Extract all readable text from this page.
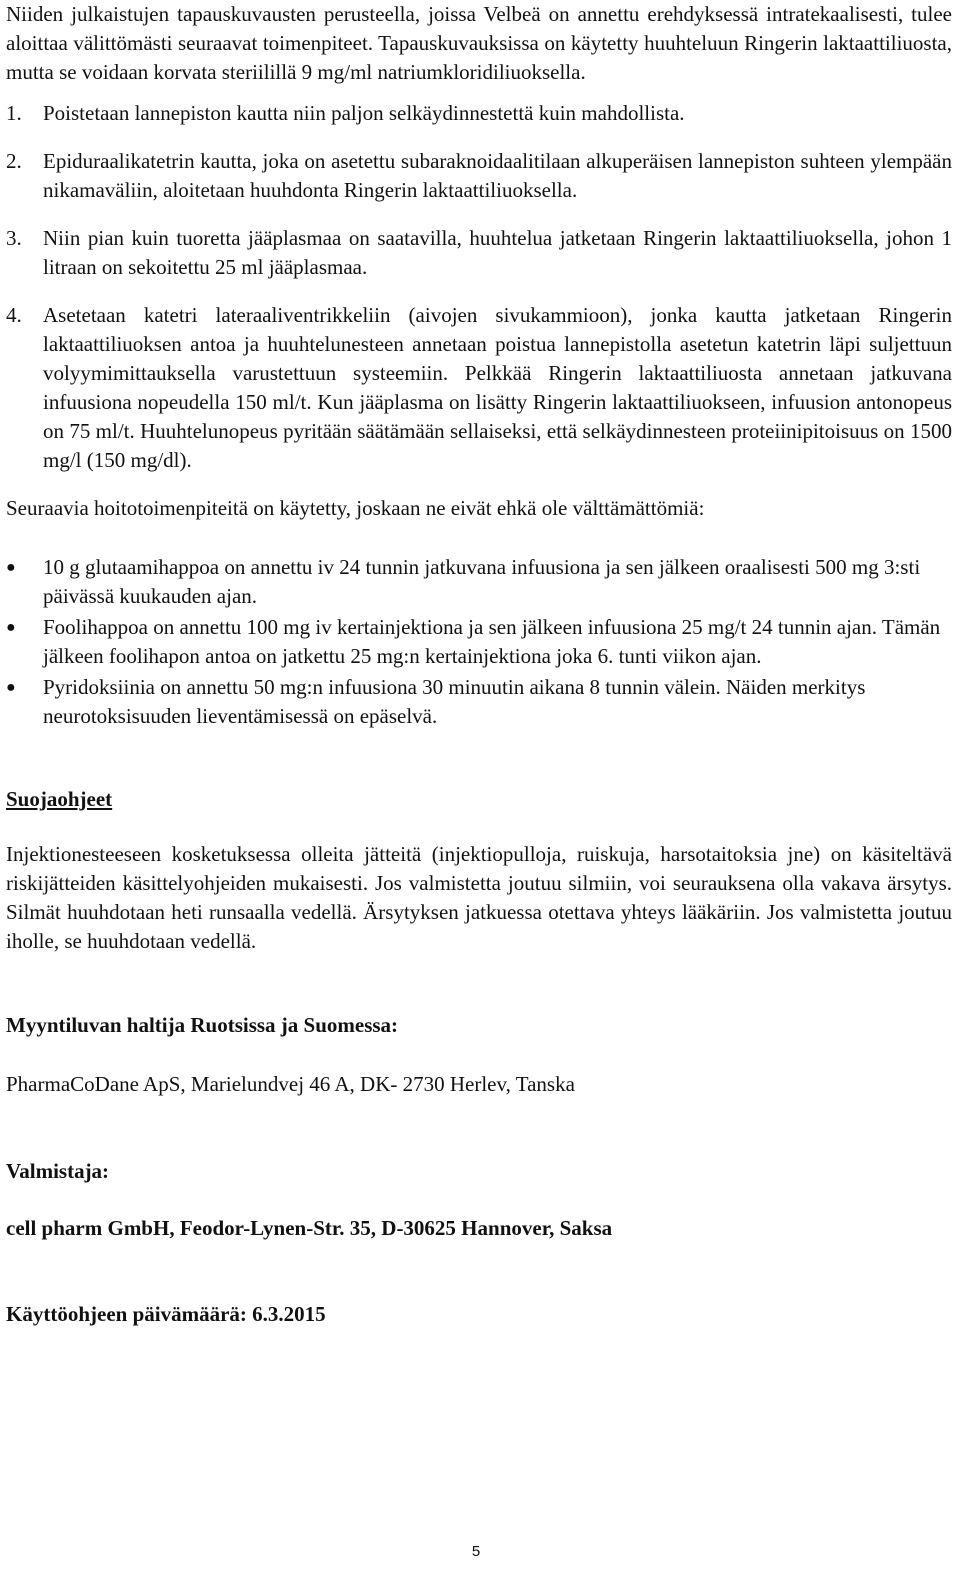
Niiden julkaistujen tapauskuvausten perusteella, joissa Velbeä on annettu erehdyksessä intratekaalisesti, tulee aloittaa välittömästi seuraavat toimenpiteet. Tapauskuvauksissa on käytetty huuhteluun Ringerin laktaattiliuosta, mutta se voidaan korvata steriilillä 9 mg/ml natriumkloridiliuoksella.

1.	Poistetaan lannepiston kautta niin paljon selkäydinnestettä kuin mahdollista.
2.	Epiduraalikatetrin kautta, joka on asetettu subaraknoidaalitilaan alkuperäisen lannepiston suhteen ylempään nikamaväliin, aloitetaan huuhdonta Ringerin laktaattiliuoksella.
3.	Niin pian kuin tuoretta jääplasmaa on saatavilla, huuhtelua jatketaan Ringerin laktaattiliuoksella, johon 1 litraan on sekoitettu 25 ml jääplasmaa.
4.	Asetetaan katetri lateraaliventrikkeliin (aivojen sivukammioon), jonka kautta jatketaan Ringerin laktaattiliuoksen antoa ja huuhtelunesteen annetaan poistua lannepistolla asetetun katetrin läpi suljettuun volyymimittauksella varustettuun systeemiin. Pelkkää Ringerin laktaattiliuosta annetaan jatkuvana infuusiona nopeudella 150 ml/t. Kun jääplasma on lisätty Ringerin laktaattiliuokseen, infuusion antonopeus on 75 ml/t. Huuhtelunopeus pyritään säätämään sellaiseksi, että selkäydinnesteen proteiinipitoisuus on 1500 mg/l (150 mg/dl).

Seuraavia hoitotoimenpiteitä on käytetty, joskaan ne eivät ehkä ole välttämättömiä:

●	10 g glutaamihappoa on annettu iv 24 tunnin jatkuvana infuusiona ja sen jälkeen oraalisesti 500 mg 3:sti päivässä kuukauden ajan.
●	Foolihappoa on annettu 100 mg iv kertainjektiona ja sen jälkeen infuusiona 25 mg/t 24 tunnin ajan. Tämän jälkeen foolihapon antoa on jatkettu 25 mg:n kertainjektiona joka 6. tunti viikon ajan.
●	Pyridoksiinia on annettu 50 mg:n infuusiona 30 minuutin aikana 8 tunnin välein. Näiden merkitys neurotoksisuuden lieventämisessä on epäselvä.

Suojaohjeet

Injektionesteeseen kosketuksessa olleita jätteitä (injektiopulloja, ruiskuja, harsotaitoksia jne) on käsiteltävä riskijätteiden käsittelyohjeiden mukaisesti. Jos valmistetta joutuu silmiin, voi seurauksena olla vakava ärsytys. Silmät huuhdotaan heti runsaalla vedellä. Ärsytyksen jatkuessa otettava yhteys lääkäriin. Jos valmistetta joutuu iholle, se huuhdotaan vedellä.

Myyntiluvan haltija Ruotsissa ja Suomessa:

PharmaCoDane ApS, Marielundvej 46 A, DK- 2730 Herlev, Tanska

Valmistaja:

cell pharm GmbH, Feodor-Lynen-Str. 35, D-30625 Hannover, Saksa

Käyttöohjeen päivämäärä: 6.3.2015

5
